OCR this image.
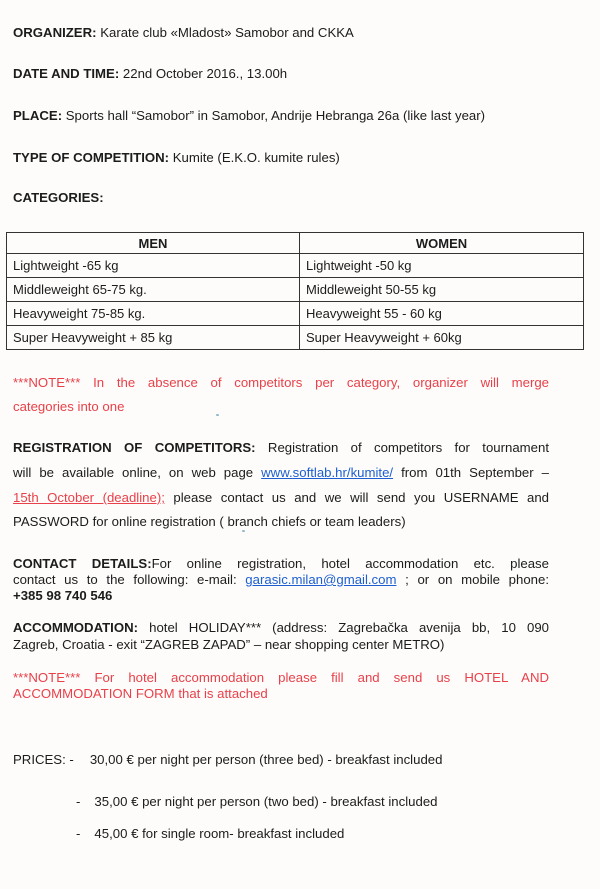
ORGANIZER: Karate club «Mladost» Samobor and CKKA
DATE AND TIME: 22nd October 2016., 13.00h
PLACE: Sports hall “Samobor” in Samobor, Andrije Hebranga 26a (like last year)
TYPE OF COMPETITION: Kumite (E.K.O. kumite rules)
CATEGORIES:
MEN	WOMEN
Lightweight -65 kg	Lightweight -50 kg
Middleweight 65-75 kg.	Middleweight 50-55 kg
Heavyweight 75-85 kg.	Heavyweight 55 - 60 kg
Super Heavyweight + 85 kg	Super Heavyweight + 60kg
***NOTE*** In the absence of competitors per category, organizer will merge
categories into one
REGISTRATION OF COMPETITORS: Registration of competitors for tournament
will be available online, on web page www.softlab.hr/kumite/ from 01th September –
15th October (deadline); please contact us and we will send you USERNAME and
PASSWORD for online registration ( branch chiefs or team leaders)
CONTACT DETAILS:For online registration, hotel accommodation etc. please
contact us to the following: e-mail: garasic.milan@gmail.com ; or on mobile phone:
+385 98 740 546
ACCOMMODATION: hotel HOLIDAY*** (address: Zagrebačka avenija bb, 10 090
Zagreb, Croatia - exit “ZAGREB ZAPAD” – near shopping center METRO)
***NOTE*** For hotel accommodation please fill and send us HOTEL AND
ACCOMMODATION FORM that is attached
PRICES: - 30,00 € per night per person (three bed) - breakfast included
- 35,00 € per night per person (two bed) - breakfast included
- 45,00 € for single room- breakfast included
